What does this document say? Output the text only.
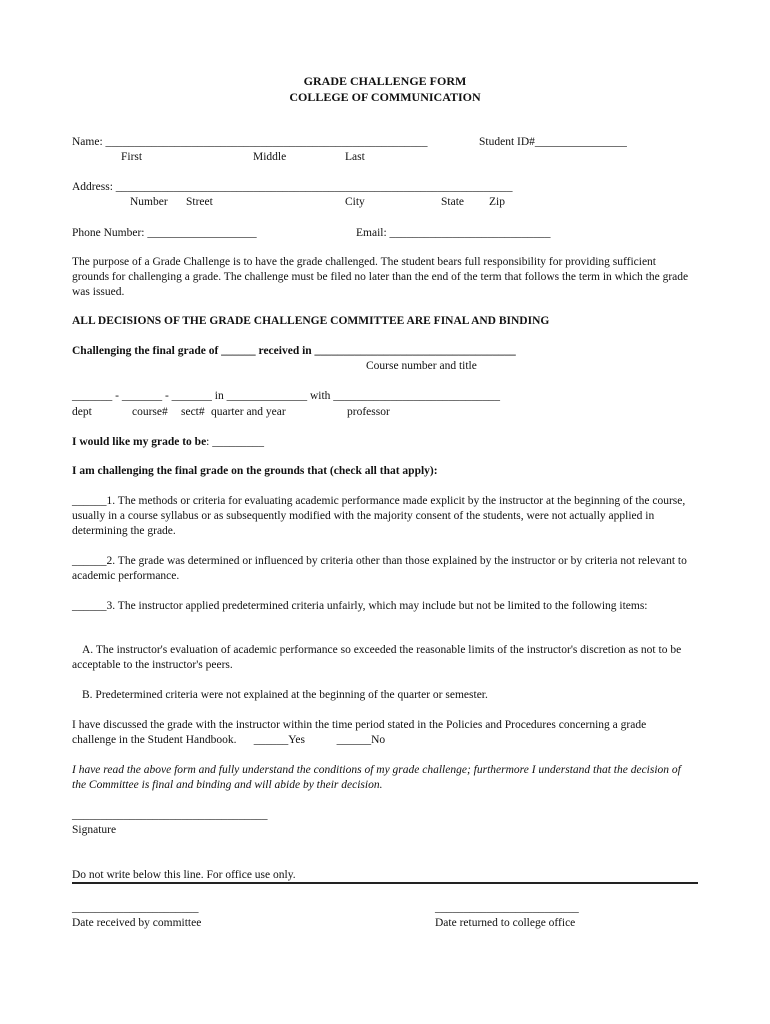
GRADE CHALLENGE FORM
COLLEGE OF COMMUNICATION
Name: ________________________________________________________	Student ID#________________
First	Middle	Last
Address: _____________________________________________________________________
Number Street	City	State Zip
Phone Number: ___________________	Email: ____________________________
The purpose of a Grade Challenge is to have the grade challenged. The student bears full responsibility for providing sufficient grounds for challenging a grade. The challenge must be filed no later than the end of the term that follows the term in which the grade was issued.
ALL DECISIONS OF THE GRADE CHALLENGE COMMITTEE ARE FINAL AND BINDING
Challenging the final grade of ______ received in ___________________________________
Course number and title
_______ - _______ - _______ in ______________ with _____________________________
dept	course# sect# quarter and year	professor
I would like my grade to be: _________
I am challenging the final grade on the grounds that (check all that apply):
______1. The methods or criteria for evaluating academic performance made explicit by the instructor at the beginning of the course, usually in a course syllabus or as subsequently modified with the majority consent of the students, were not actually applied in determining the grade.
______2. The grade was determined or influenced by criteria other than those explained by the instructor or by criteria not relevant to academic performance.
______3. The instructor applied predetermined criteria unfairly, which may include but not be limited to the following items:
A. The instructor's evaluation of academic performance so exceeded the reasonable limits of the instructor's discretion as not to be acceptable to the instructor's peers.
B. Predetermined criteria were not explained at the beginning of the quarter or semester.
I have discussed the grade with the instructor within the time period stated in the Policies and Procedures concerning a grade challenge in the Student Handbook. ______Yes	______No
I have read the above form and fully understand the conditions of my grade challenge; furthermore I understand that the decision of the Committee is final and binding and will abide by their decision.
__________________________________
Signature
Do not write below this line. For office use only.
______________________
Date received by committee
_________________________
Date returned to college office
